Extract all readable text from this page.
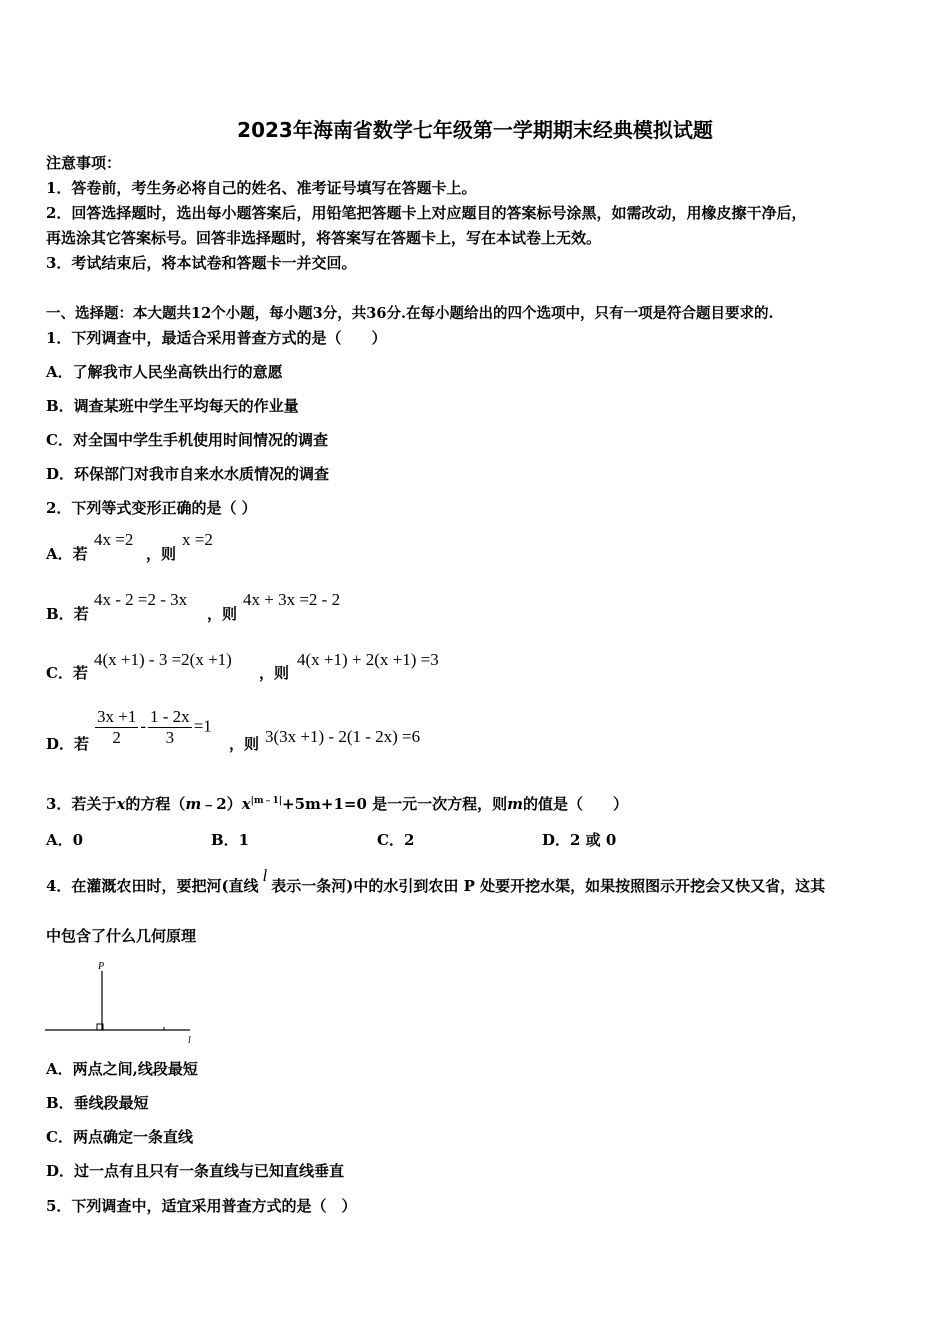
2023年海南省数学七年级第一学期期末经典模拟试题
注意事项：
1．答卷前，考生务必将自己的姓名、准考证号填写在答题卡上。
2．回答选择题时，选出每小题答案后，用铅笔把答题卡上对应题目的答案标号涂黑，如需改动，用橡皮擦干净后，
再选涂其它答案标号。回答非选择题时，将答案写在答题卡上，写在本试卷上无效。
3．考试结束后，将本试卷和答题卡一并交回。
一、选择题：本大题共12个小题，每小题3分，共36分.在每小题给出的四个选项中，只有一项是符合题目要求的.
1．下列调查中，最适合采用普查方式的是（　　）
A．了解我市人民坐高铁出行的意愿
B．调查某班中学生平均每天的作业量
C．对全国中学生手机使用时间情况的调查
D．环保部门对我市自来水水质情况的调查
2．下列等式变形正确的是（ ）
A．若
4x =2
，则
x =2
B．若
4x - 2 =2 - 3x
，则
4x + 3x =2 - 2
C．若
4(x +1) - 3 =2(x +1)
，则
4(x +1) + 2(x +1) =3
D．若 $\frac{3x +1}{2} - \frac{1 - 2x}{3} =1$
，则 3(3x +1) - 2(1 - 2x) =6
3．若关于x的方程$(m﹣2)x^{|m﹣1|}+5m+1=0$ 是一元一次方程，则m的值是（　　）
A．0	B．1	C．2	D．2 或 0
4．在灌溉农田时，要把河(直线l表示一条河)中的水引到农田 P 处要开挖水渠，如果按照图示开挖会又快又省，这其
中包含了什么几何原理
P
l
A．两点之间,线段最短
B．垂线段最短
C．两点确定一条直线
D．过一点有且只有一条直线与已知直线垂直
5．下列调查中，适宜采用普查方式的是（　）
